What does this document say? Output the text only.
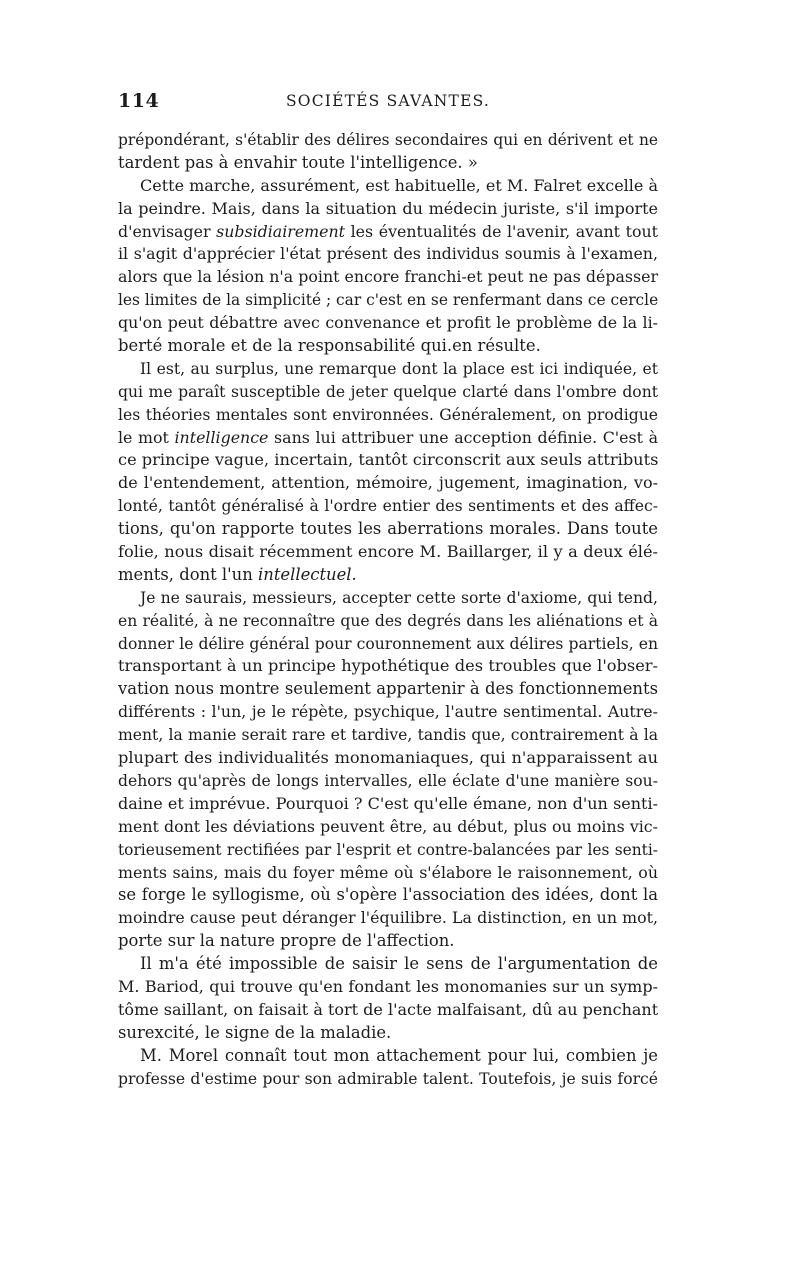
114	SOCIÉTÉS SAVANTES.
prépondérant, s'établir des délires secondaires qui en dérivent et ne
tardent pas à envahir toute l'intelligence. »
Cette marche, assurément, est habituelle, et M. Falret excelle à
la peindre. Mais, dans la situation du médecin juriste, s'il importe
d'envisager subsidiairement les éventualités de l'avenir, avant tout
il s'agit d'apprécier l'état présent des individus soumis à l'examen,
alors que la lésion n'a point encore franchi-et peut ne pas dépasser
les limites de la simplicité ; car c'est en se renfermant dans ce cercle
qu'on peut débattre avec convenance et profit le problème de la li-
berté morale et de la responsabilité qui.en résulte.
Il est, au surplus, une remarque dont la place est ici indiquée, et
qui me paraît susceptible de jeter quelque clarté dans l'ombre dont
les théories mentales sont environnées. Généralement, on prodigue
le mot intelligence sans lui attribuer une acception définie. C'est à
ce principe vague, incertain, tantôt circonscrit aux seuls attributs
de l'entendement, attention, mémoire, jugement, imagination, vo-
lonté, tantôt généralisé à l'ordre entier des sentiments et des affec-
tions, qu'on rapporte toutes les aberrations morales. Dans toute
folie, nous disait récemment encore M. Baillarger, il y a deux élé-
ments, dont l'un intellectuel.
Je ne saurais, messieurs, accepter cette sorte d'axiome, qui tend,
en réalité, à ne reconnaître que des degrés dans les aliénations et à
donner le délire général pour couronnement aux délires partiels, en
transportant à un principe hypothétique des troubles que l'obser-
vation nous montre seulement appartenir à des fonctionnements
différents : l'un, je le répète, psychique, l'autre sentimental. Autre-
ment, la manie serait rare et tardive, tandis que, contrairement à la
plupart des individualités monomaniaques, qui n'apparaissent au
dehors qu'après de longs intervalles, elle éclate d'une manière sou-
daine et imprévue. Pourquoi ? C'est qu'elle émane, non d'un senti-
ment dont les déviations peuvent être, au début, plus ou moins vic-
torieusement rectifiées par l'esprit et contre-balancées par les senti-
ments sains, mais du foyer même où s'élabore le raisonnement, où
se forge le syllogisme, où s'opère l'association des idées, dont la
moindre cause peut déranger l'équilibre. La distinction, en un mot,
porte sur la nature propre de l'affection.
Il m'a été impossible de saisir le sens de l'argumentation de
M. Bariod, qui trouve qu'en fondant les monomanies sur un symp-
tôme saillant, on faisait à tort de l'acte malfaisant, dû au penchant
surexcité, le signe de la maladie.
M. Morel connaît tout mon attachement pour lui, combien je
professe d'estime pour son admirable talent. Toutefois, je suis forcé
